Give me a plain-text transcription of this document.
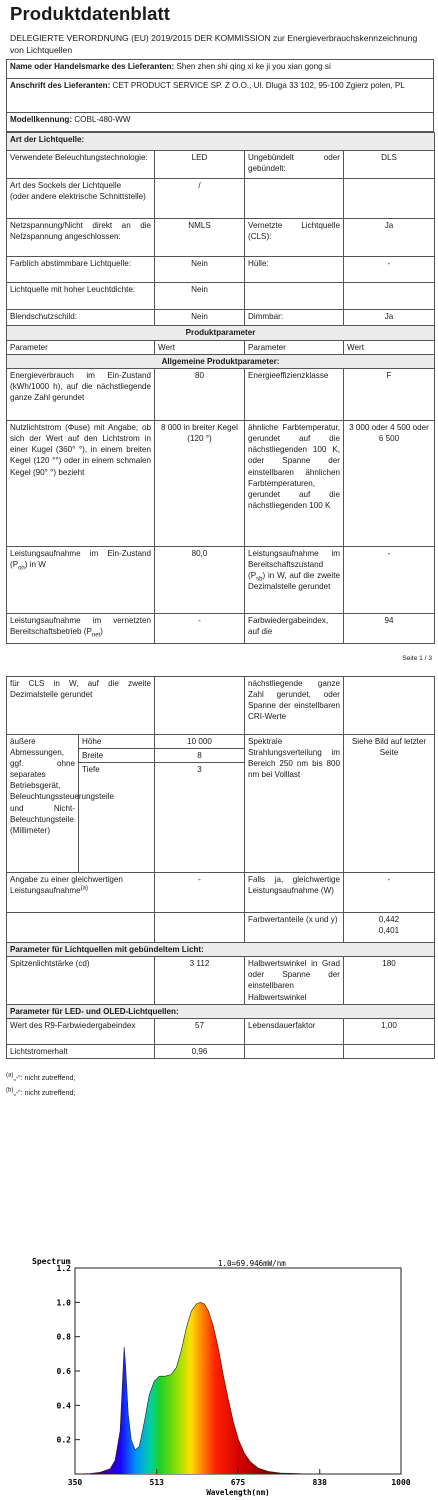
Produktdatenblatt
DELEGIERTE VERORDNUNG (EU) 2019/2015 DER KOMMISSION zur Energieverbrauchskennzeichnung von Lichtquellen
Name oder Handelsmarke des Lieferanten: Shen zhen shi qing xi ke ji you xian gong si
Anschrift des Lieferanten: CET PRODUCT SERVICE SP. Z O.O., Ul. Dluga 33 102, 95-100 Zgierz polen, PL
Modellkennung: COBL-480-WW
Art der Lichtquelle:			
Verwendete Beleuchtungstechnologie:	LED	Ungebündelt oder gebündelt:	DLS

Art des Sockels der Lichtquelle
(oder andere elektrische Schnittstelle)	/		
Netzspannung/Nicht direkt an die Netzspannung angeschlossen:	NMLS	Vernetzte Lichtquelle (CLS):	Ja
Farblich abstimmbare Lichtquelle:	Nein	Hülle:	-
Lichtquelle mit hoher Leuchtdichte:	Nein		
Blendschutzschild:	Nein	Dimmbar:	Ja
Produktparameter			
Parameter	Wert	Parameter	Wert
Allgemeine Produktparameter:			
Energieverbrauch im Ein-Zustand (kWh/1000 h), auf die nächstliegende ganze Zahl gerundet	80	Energieeffizienzklasse	F
Nutzlichtstrom (Φuse) mit Angabe, ob sich der Wert auf den Lichtstrom in einer Kugel (360° °), in einem breiten Kegel (120 °°) oder in einem schmalen Kegel (90° °) bezieht	8 000 in breiter Kegel (120 °)	ähnliche Farbtemperatur, gerundet auf die nächstliegenden 100 K, oder Spanne der einstellbaren ähnlichen Farbtemperaturen, gerundet auf die nächstliegenden 100 K	3 000 oder 4 500 oder 6 500
Leistungsaufnahme im Ein-Zustand $(P_{on})$ in W	80,0	Leistungsaufnahme im Bereitschaftszustand $(P_{sb})$ in W, auf die zweite Dezimalstelle gerundet	-
Leistungsaufnahme im vernetzten Bereitschaftsbetrieb $(P_{net})$	-	Farbwiedergabeindex, auf die	94
Seite 1 / 3
für CLS in W, auf die zweite Dezimalstelle gerundet			nächstliegende ganze Zahl gerundet, oder Spanne der einstellbaren CRI-Werte	
äußere Abmessungen, ggf. ohne separates Betriebsgerät, Beleuchtungssteuerungsteile und Nicht-Beleuchtungsteile (Millimeter)	Höhe	10 000	Spektrale Strahlungsverteilung im Bereich 250 nm bis 800 nm bei Volllast	Siehe Bild auf letzter Seite
	Breite	8		
	Tiefe	3		
Angabe zu einer gleichwertigen Leistungsaufnahme$^{(a)}$		-	Falls ja, gleichwertige Leistungsaufnahme (W)	-
			Farbwertanteile (x und y)	0,442
0,401

Parameter für Lichtquellen mit gebündeltem Licht:				
Spitzenlichtstärke (cd)		3 112	Halbwertswinkel in Grad oder Spanne der einstellbaren Halbwertswinkel	180
Parameter für LED- und OLED-Lichtquellen:				
Wert des R9-Farbwiedergabeindex		57	Lebensdauerfaktor	1,00
Lichtstromerhalt		0,96		
$^{(a)}$„-“: nicht zutreffend;
$^{(b)}$„-“: nicht zutreffend;
0.2
0.4
0.6
0.8
1.0
1.2
350	513	675	838	1000
Spectrum	1.0=69.946mW/nm
Wavelength(nm)
